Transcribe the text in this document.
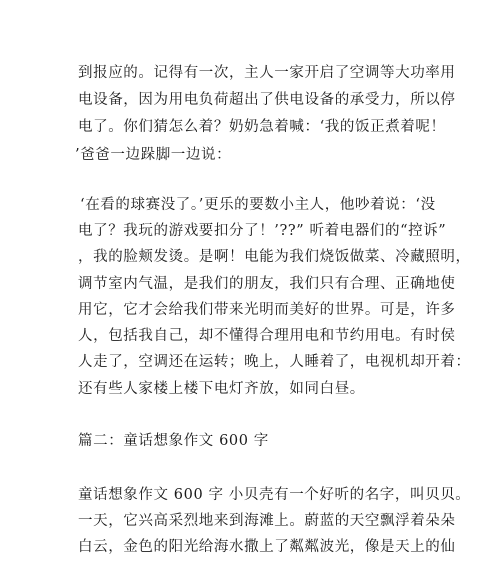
到报应的。记得有一次，主人一家开启了空调等大功率用
电设备，因为用电负荷超出了供电设备的承受力，所以停
电了。你们猜怎么着？奶奶急着喊：‘我的饭正煮着呢！
’爸爸一边跺脚一边说：
‘在看的球赛没了。’更乐的要数小主人，他吵着说：‘没
电了？我玩的游戏要扣分了！’??” 听着电器们的“控诉”
，我的脸颊发烫。是啊！电能为我们烧饭做菜、冷藏照明，
调节室内气温，是我们的朋友，我们只有合理、正确地使
用它，它才会给我们带来光明而美好的世界。可是，许多
人，包括我自己，却不懂得合理用电和节约用电。有时侯
人走了，空调还在运转；晚上，人睡着了，电视机却开着：
还有些人家楼上楼下电灯齐放，如同白昼。
篇二：童话想象作文 600 字
童话想象作文 600 字 小贝壳有一个好听的名字，叫贝贝。
一天，它兴高采烈地来到海滩上。蔚蓝的天空飘浮着朵朵
白云，金色的阳光给海水撒上了粼粼波光，像是天上的仙
